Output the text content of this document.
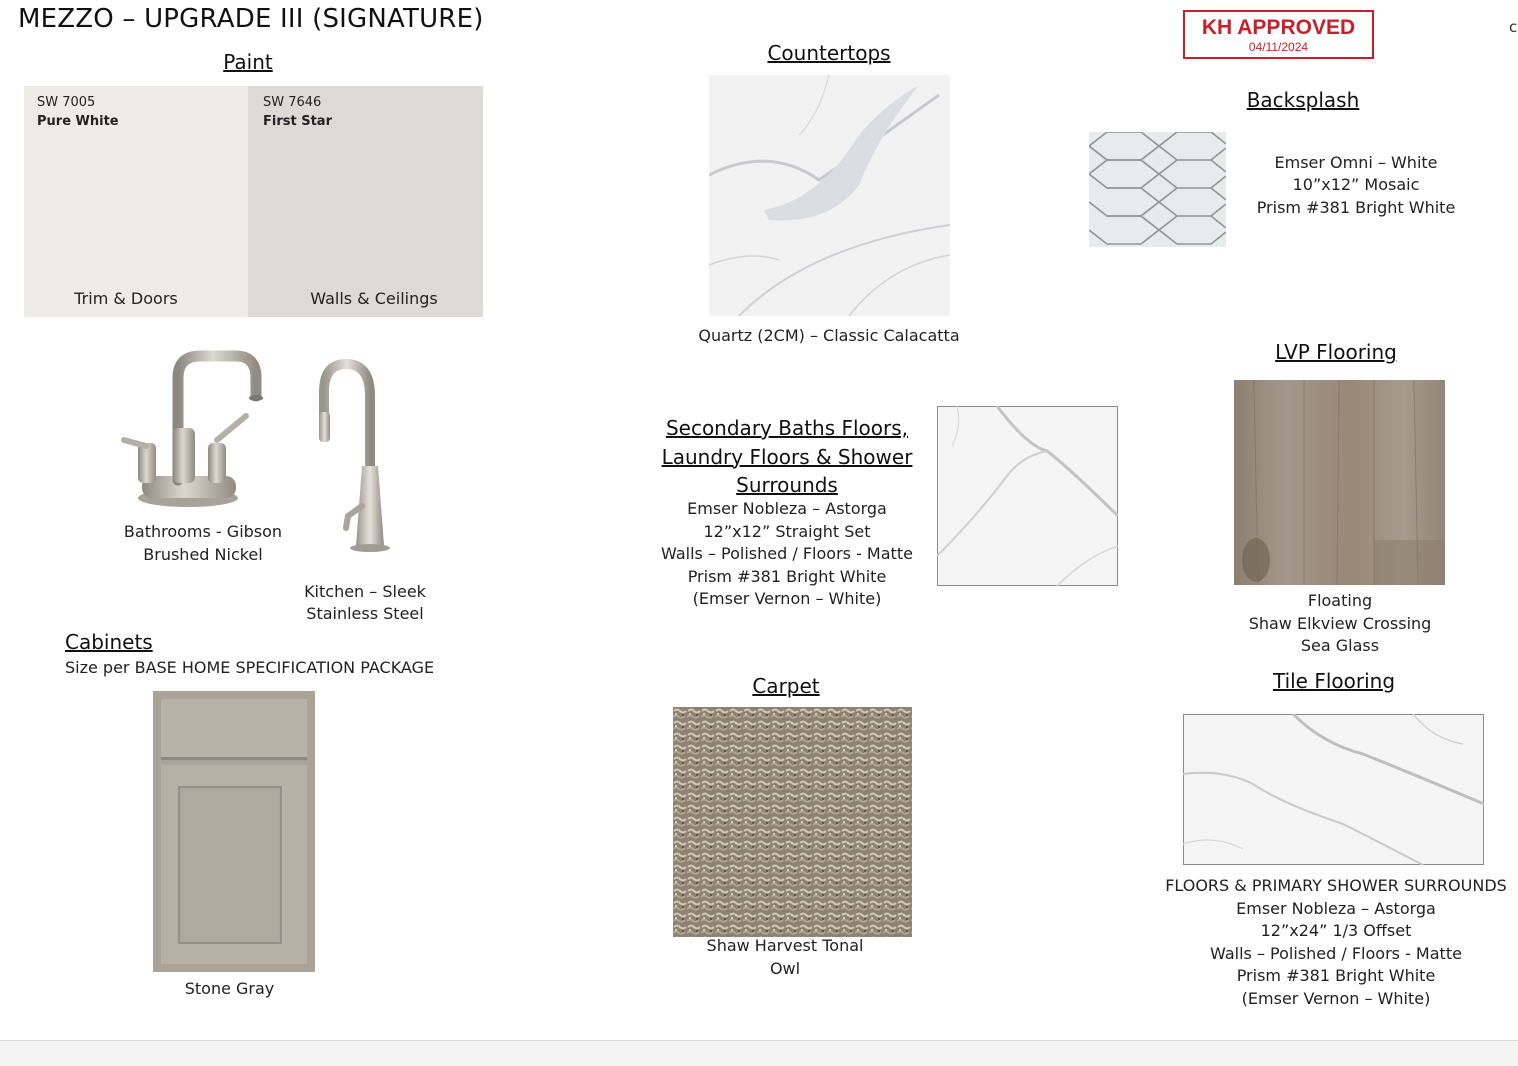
MEZZO – UPGRADE III (SIGNATURE)	KH APPROVED
04/11/2024
c
Paint
SW 7005
Pure White
Trim & Doors
SW 7646
First Star
Walls & Ceilings
Bathrooms - Gibson
Brushed Nickel
Kitchen – Sleek
Stainless Steel
Cabinets
Size per BASE HOME SPECIFICATION PACKAGE
Stone Gray
Countertops
Quartz (2CM) – Classic Calacatta
Backsplash
Emser Omni – White
10”x12” Mosaic
Prism #381 Bright White
Secondary Baths Floors,
Laundry Floors & Shower
Surrounds
Emser Nobleza – Astorga
12”x12” Straight Set
Walls – Polished / Floors - Matte
Prism #381 Bright White
(Emser Vernon – White)
LVP Flooring
Floating
Shaw Elkview Crossing
Sea Glass
Carpet
Shaw Harvest Tonal
Owl
Tile Flooring
FLOORS & PRIMARY SHOWER SURROUNDS
Emser Nobleza – Astorga
12”x24” 1/3 Offset
Walls – Polished / Floors - Matte
Prism #381 Bright White
(Emser Vernon – White)
